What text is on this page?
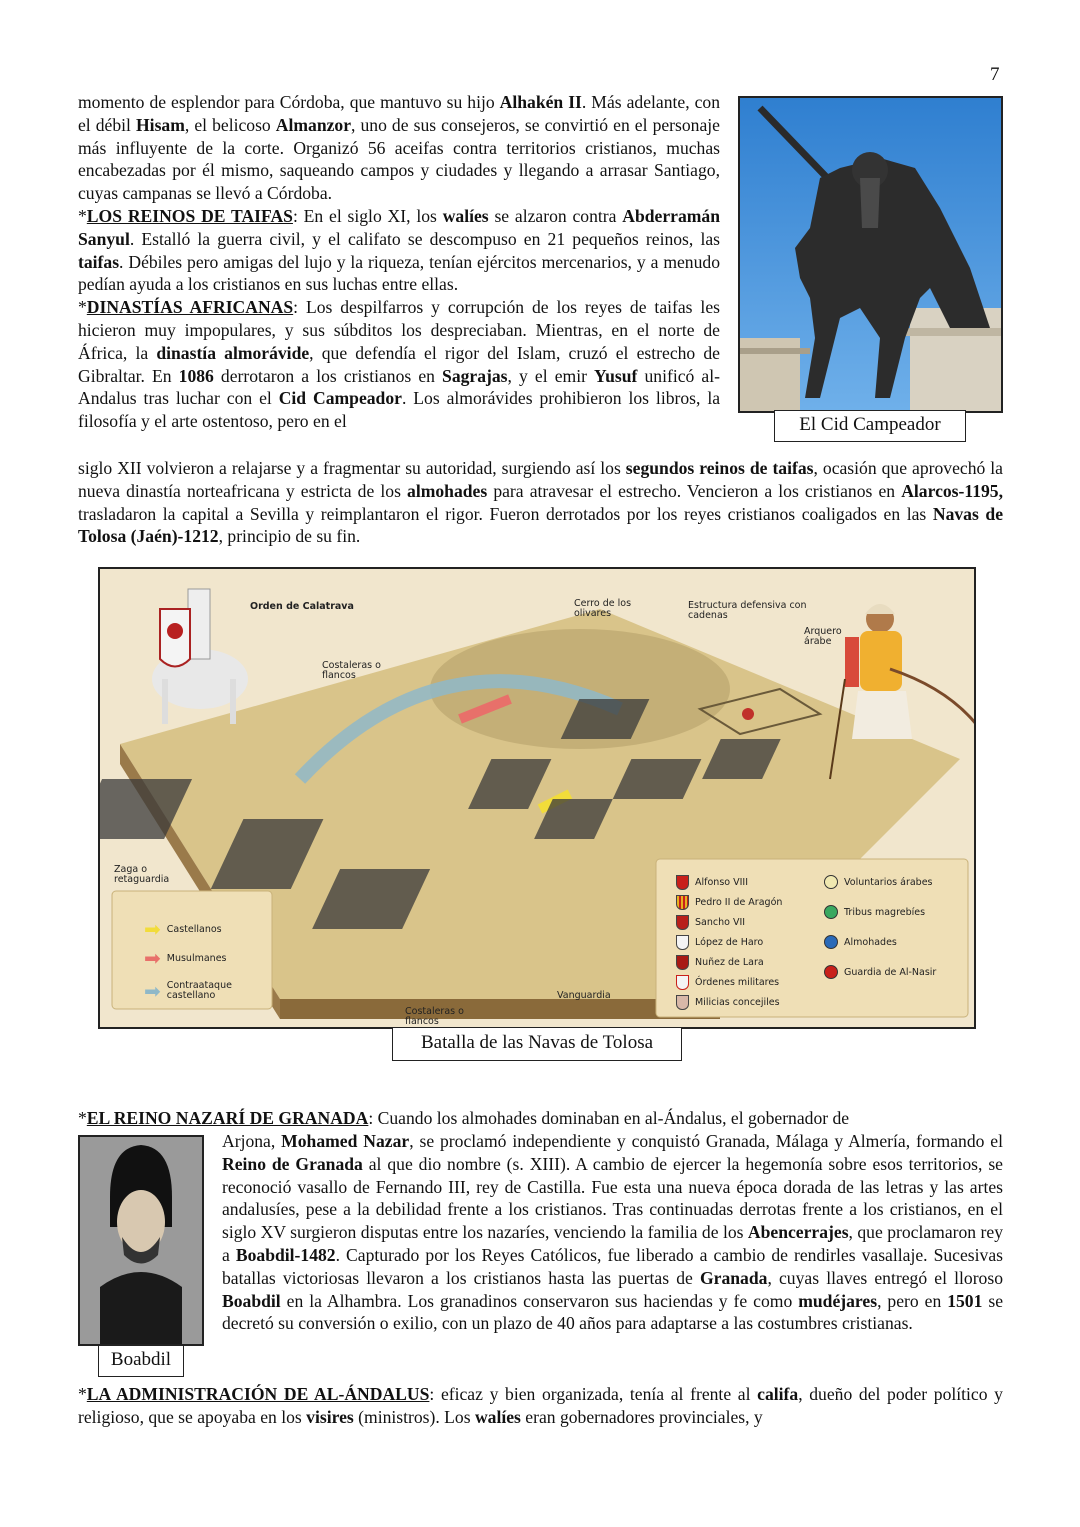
7
momento de esplendor para Córdoba, que mantuvo su hijo Alhakén II. Más adelante, con el débil Hisam, el belicoso Almanzor, uno de sus consejeros, se convirtió en el personaje más influyente de la corte. Organizó 56 aceifas contra territorios cristianos, muchas encabezadas por él mismo, saqueando campos y ciudades y llegando a arrasar Santiago, cuyas campanas se llevó a Córdoba.
*LOS REINOS DE TAIFAS: En el siglo XI, los walíes se alzaron contra Abderramán Sanyul. Estalló la guerra civil, y el califato se descompuso en 21 pequeños reinos, las taifas. Débiles pero amigas del lujo y la riqueza, tenían ejércitos mercenarios, y a menudo pedían ayuda a los cristianos en sus luchas entre ellas.
*DINASTÍAS AFRICANAS: Los despilfarros y corrupción de los reyes de taifas les hicieron muy impopulares, y sus súbditos los despreciaban. Mientras, en el norte de África, la dinastía almorávide, que defendía el rigor del Islam, cruzó el estrecho de Gibraltar. En 1086 derrotaron a los cristianos en Sagrajas, y el emir Yusuf unificó al-Andalus tras luchar con el Cid Campeador. Los almorávides prohibieron los libros, la filosofía y el arte ostentoso, pero en el
siglo XII volvieron a relajarse y a fragmentar su autoridad, surgiendo así los segundos reinos de taifas, ocasión que aprovechó la nueva dinastía norteafricana y estricta de los almohades para atravesar el estrecho. Vencieron a los cristianos en Alarcos-1195, trasladaron la capital a Sevilla y reimplantaron el rigor. Fueron derrotados por los reyes cristianos coaligados en las Navas de Tolosa (Jaén)-1212, principio de su fin.
El Cid Campeador
Orden de Calatrava
Costaleras o flancos
Cerro de los olivares
Estructura defensiva con cadenas
Arquero árabe
Zaga o retaguardia
Costaleras o flancos
Vanguardia
➡ Castellanos
➡ Musulmanes
➡ Contraataque castellano
Alfonso VIII
Pedro II de Aragón
Sancho VII
López de Haro
Nuñez de Lara
Órdenes militares
Milicias concejiles
Voluntarios árabes
Tribus magrebíes
Almohades
Guardia de Al-Nasir
Batalla de las Navas de Tolosa
*EL REINO NAZARÍ DE GRANADA: Cuando los almohades dominaban en al-Ándalus, el gobernador de
Boabdil
Arjona, Mohamed Nazar, se proclamó independiente y conquistó Granada, Málaga y Almería, formando el Reino de Granada al que dio nombre (s. XIII). A cambio de ejercer la hegemonía sobre esos territorios, se reconoció vasallo de Fernando III, rey de Castilla. Fue esta una nueva época dorada de las letras y las artes andalusíes, pese a la debilidad frente a los cristianos. Tras continuadas derrotas frente a los cristianos, en el siglo XV surgieron disputas entre los nazaríes, venciendo la familia de los Abencerrajes, que proclamaron rey a Boabdil-1482. Capturado por los Reyes Católicos, fue liberado a cambio de rendirles vasallaje. Sucesivas batallas victoriosas llevaron a los cristianos hasta las puertas de Granada, cuyas llaves entregó el lloroso Boabdil en la Alhambra. Los granadinos conservaron sus haciendas y fe como mudéjares, pero en 1501 se decretó su conversión o exilio, con un plazo de 40 años para adaptarse a las costumbres cristianas.
*LA ADMINISTRACIÓN DE AL-ÁNDALUS: eficaz y bien organizada, tenía al frente al califa, dueño del poder político y religioso, que se apoyaba en los visires (ministros). Los walíes eran gobernadores provinciales, y
